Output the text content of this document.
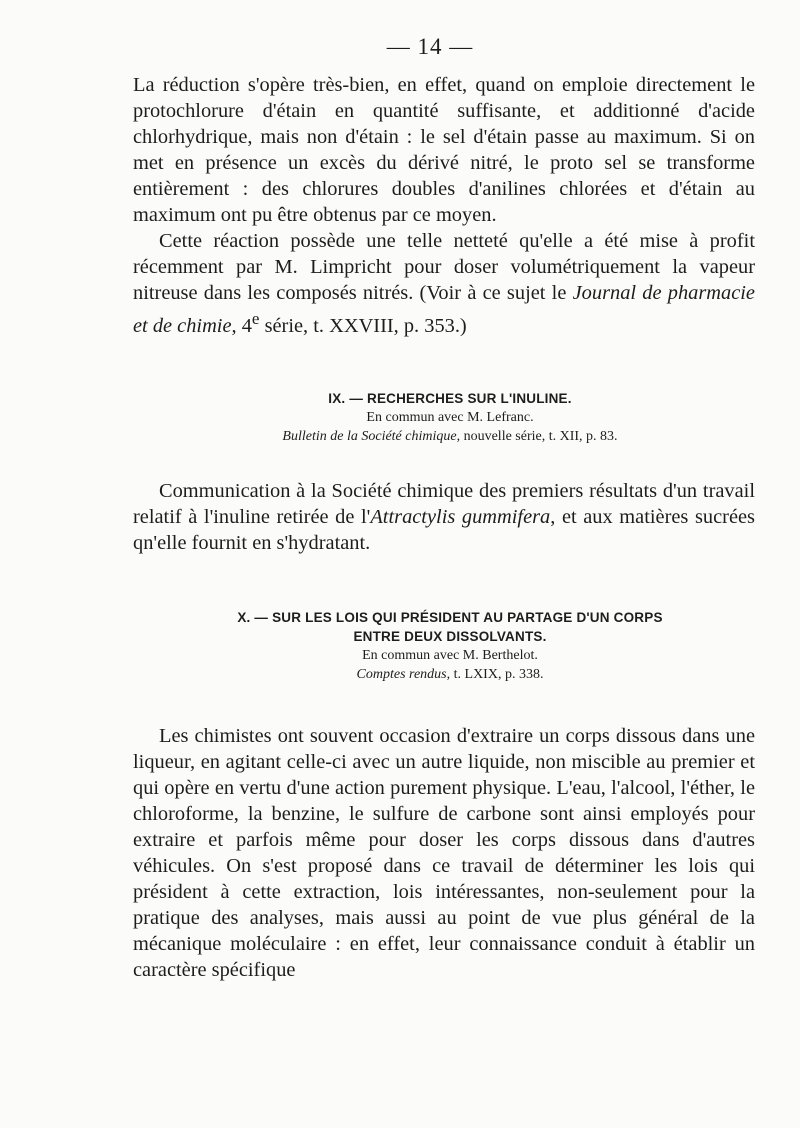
— 14 —

La réduction s'opère très-bien, en effet, quand on emploie directement le protochlorure d'étain en quantité suffisante, et additionné d'acide chlorhydrique, mais non d'étain : le sel d'étain passe au maximum. Si on met en présence un excès du dérivé nitré, le proto sel se transforme entièrement : des chlorures doubles d'anilines chlorées et d'étain au maximum ont pu être obtenus par ce moyen.

Cette réaction possède une telle netteté qu'elle a été mise à profit récemment par M. Limpricht pour doser volumétriquement la vapeur nitreuse dans les composés nitrés. (Voir à ce sujet le Journal de pharmacie et de chimie, 4e série, t. XXVIII, p. 353.)

IX. — RECHERCHES SUR L'INULINE.

En commun avec M. Lefranc.

Bulletin de la Société chimique, nouvelle série, t. XII, p. 83.

Communication à la Société chimique des premiers résultats d'un travail relatif à l'inuline retirée de l'Attractylis gummifera, et aux matières sucrées qn'elle fournit en s'hydratant.

X. — SUR LES LOIS QUI PRÉSIDENT AU PARTAGE D'UN CORPS

ENTRE DEUX DISSOLVANTS.

En commun avec M. Berthelot.

Comptes rendus, t. LXIX, p. 338.

Les chimistes ont souvent occasion d'extraire un corps dissous dans une liqueur, en agitant celle-ci avec un autre liquide, non miscible au premier et qui opère en vertu d'une action purement physique. L'eau, l'alcool, l'éther, le chloroforme, la benzine, le sulfure de carbone sont ainsi employés pour extraire et parfois même pour doser les corps dissous dans d'autres véhicules. On s'est proposé dans ce travail de déterminer les lois qui président à cette extraction, lois intéressantes, non-seulement pour la pratique des analyses, mais aussi au point de vue plus général de la mécanique moléculaire : en effet, leur connaissance conduit à établir un caractère spécifique
